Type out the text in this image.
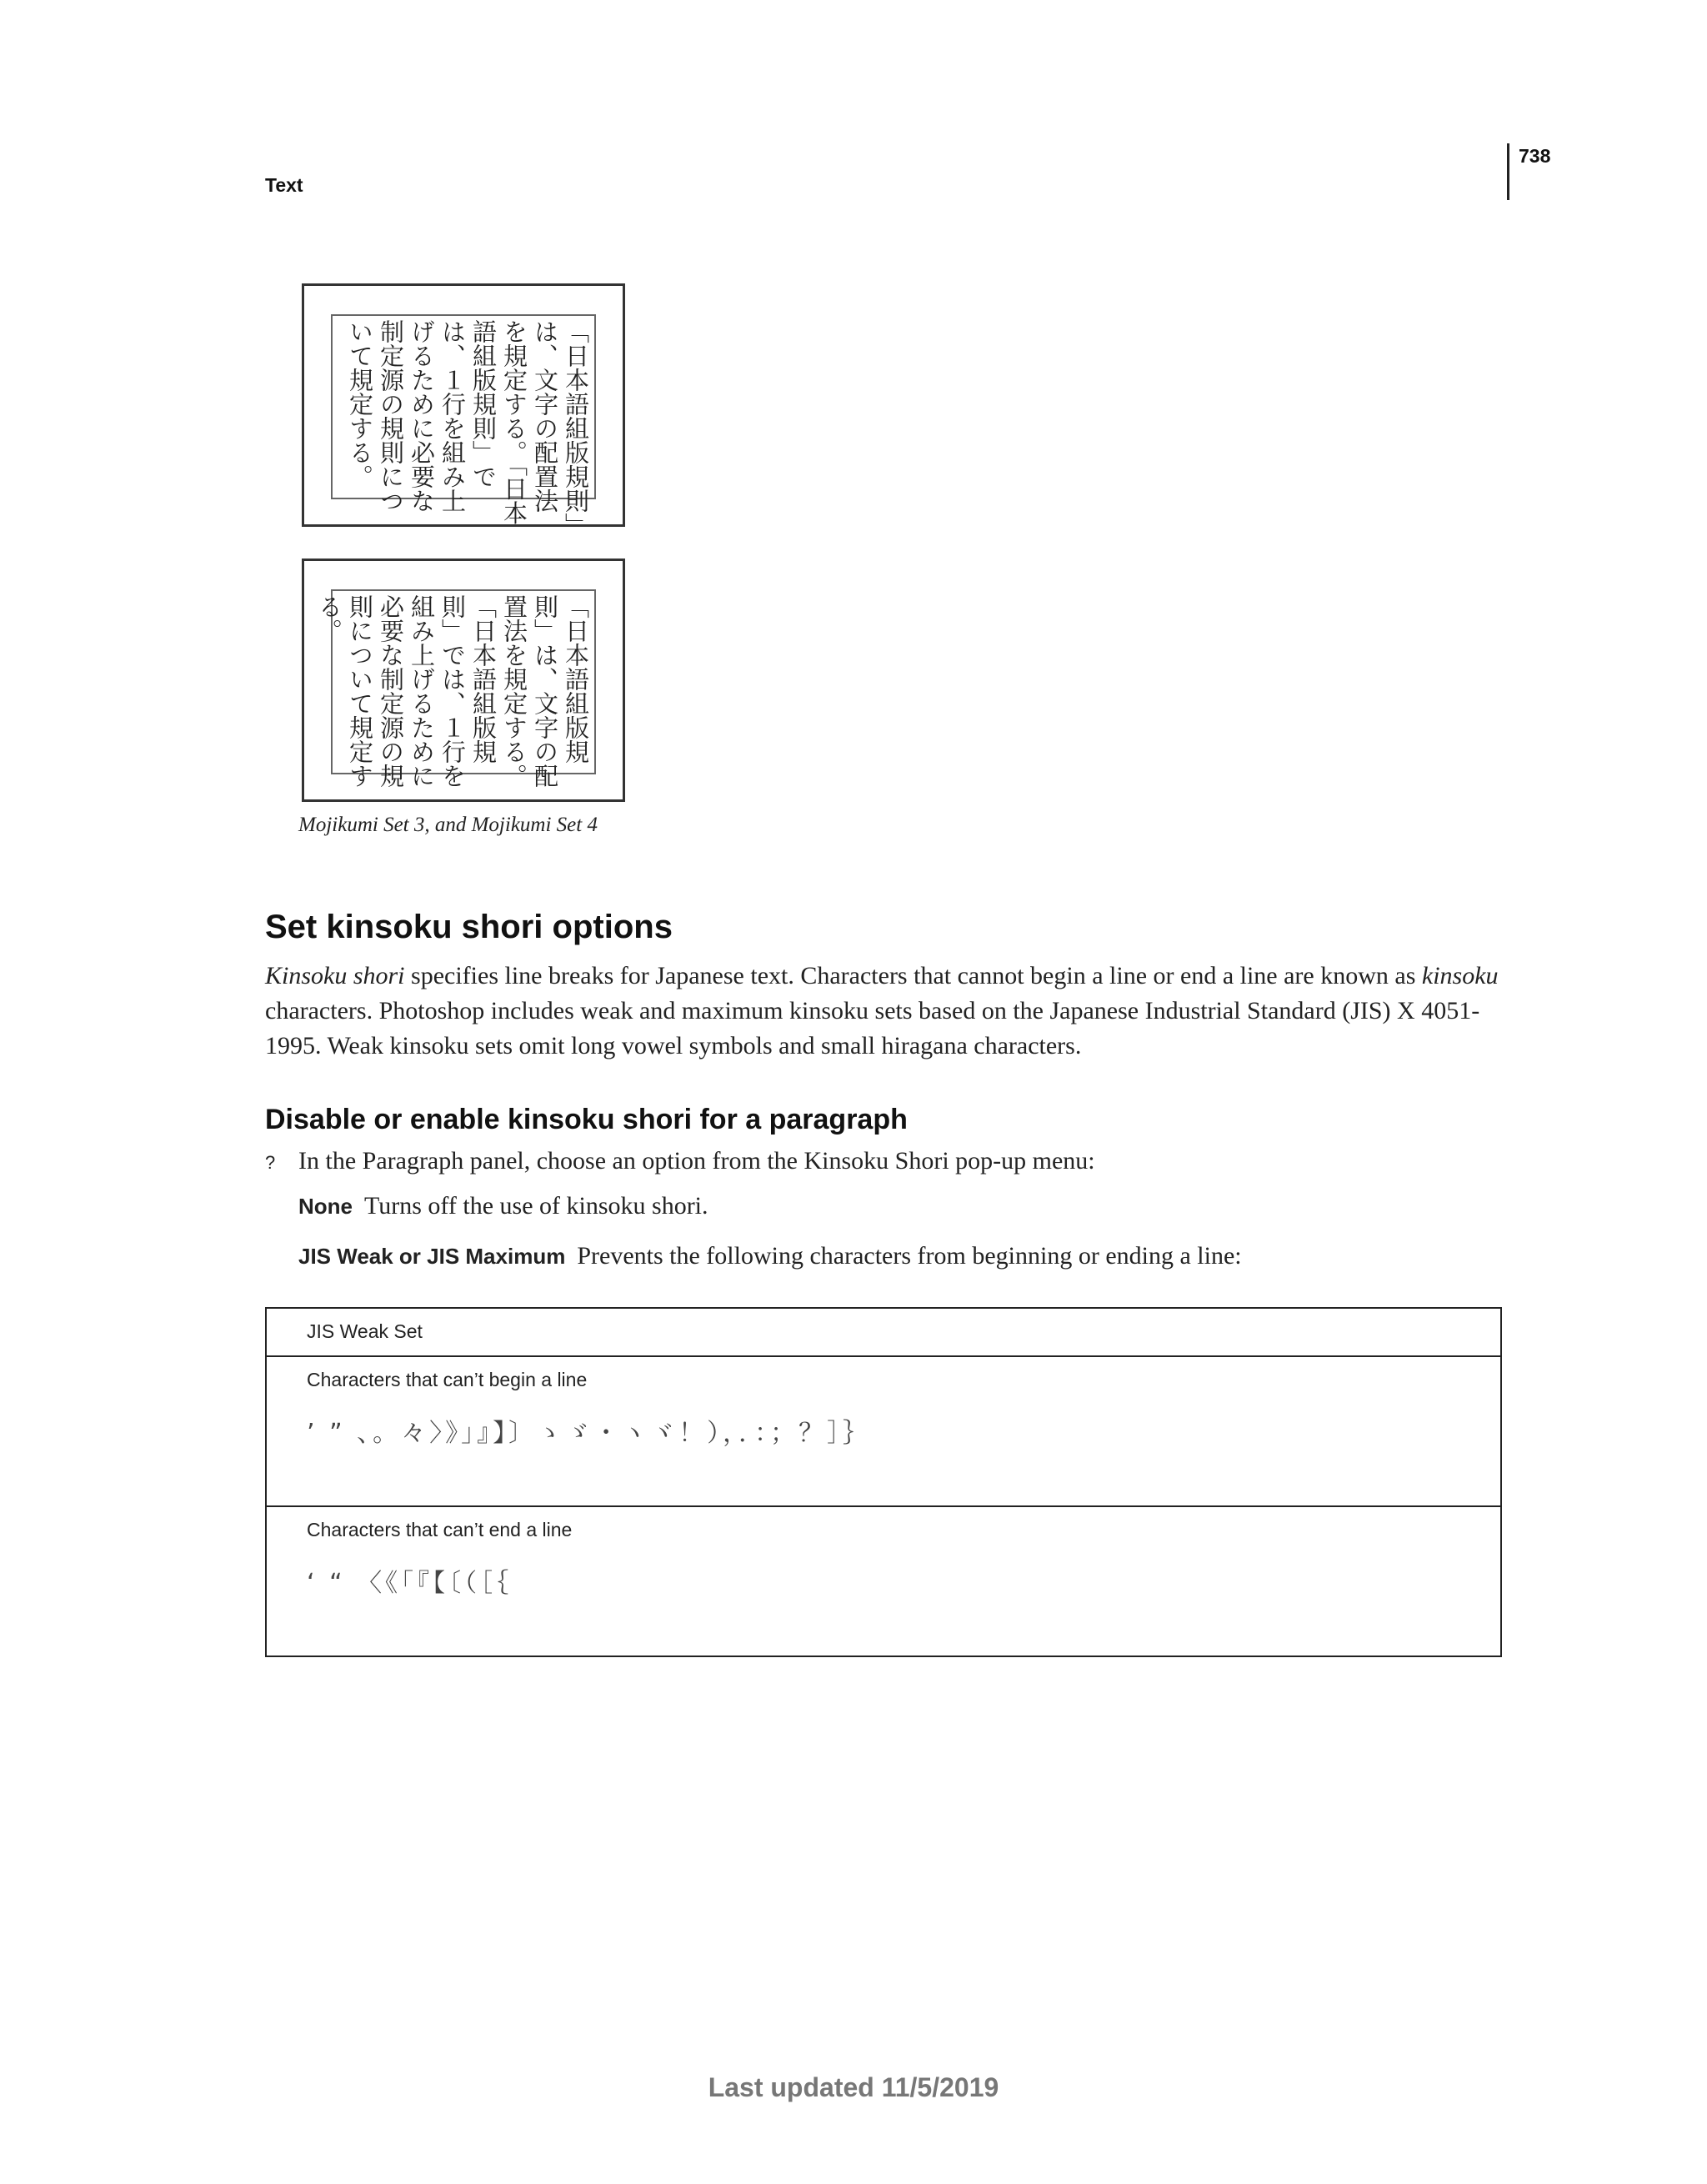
Text
738
「日本語組版規則」
は、文字の配置法
を規定する。「日本
語組版規則」で
は、１行を組み上
げるために必要な
制定源の規則につ
いて規定する。
「日本語組版規
則」は、文字の配
置法を規定する。
「日本語組版規
則」では、１行を
組み上げるために
必要な制定源の規
則について規定す
る。
Mojikumi Set 3, and Mojikumi Set 4
Set kinsoku shori options

Kinsoku shori specifies line breaks for Japanese text. Characters that cannot begin a line or end a line are known as kinsoku characters. Photoshop includes weak and maximum kinsoku sets based on the Japanese Industrial Standard (JIS) X 4051-1995. Weak kinsoku sets omit long vowel symbols and small hiragana characters.

Disable or enable kinsoku shori for a paragraph
? In the Paragraph panel, choose an option from the Kinsoku Shori pop-up menu:
None Turns off the use of kinsoku shori.
JIS Weak or JIS Maximum Prevents the following characters from beginning or ending a line:
JIS Weak Set
Characters that can’t begin a line
’ ” 、。々〉》」』】〕ゝゞ・ヽヾ！），．：；？］｝
Characters that can’t end a line
‘ “ 〈《「『【〔（［｛
Last updated 11/5/2019
